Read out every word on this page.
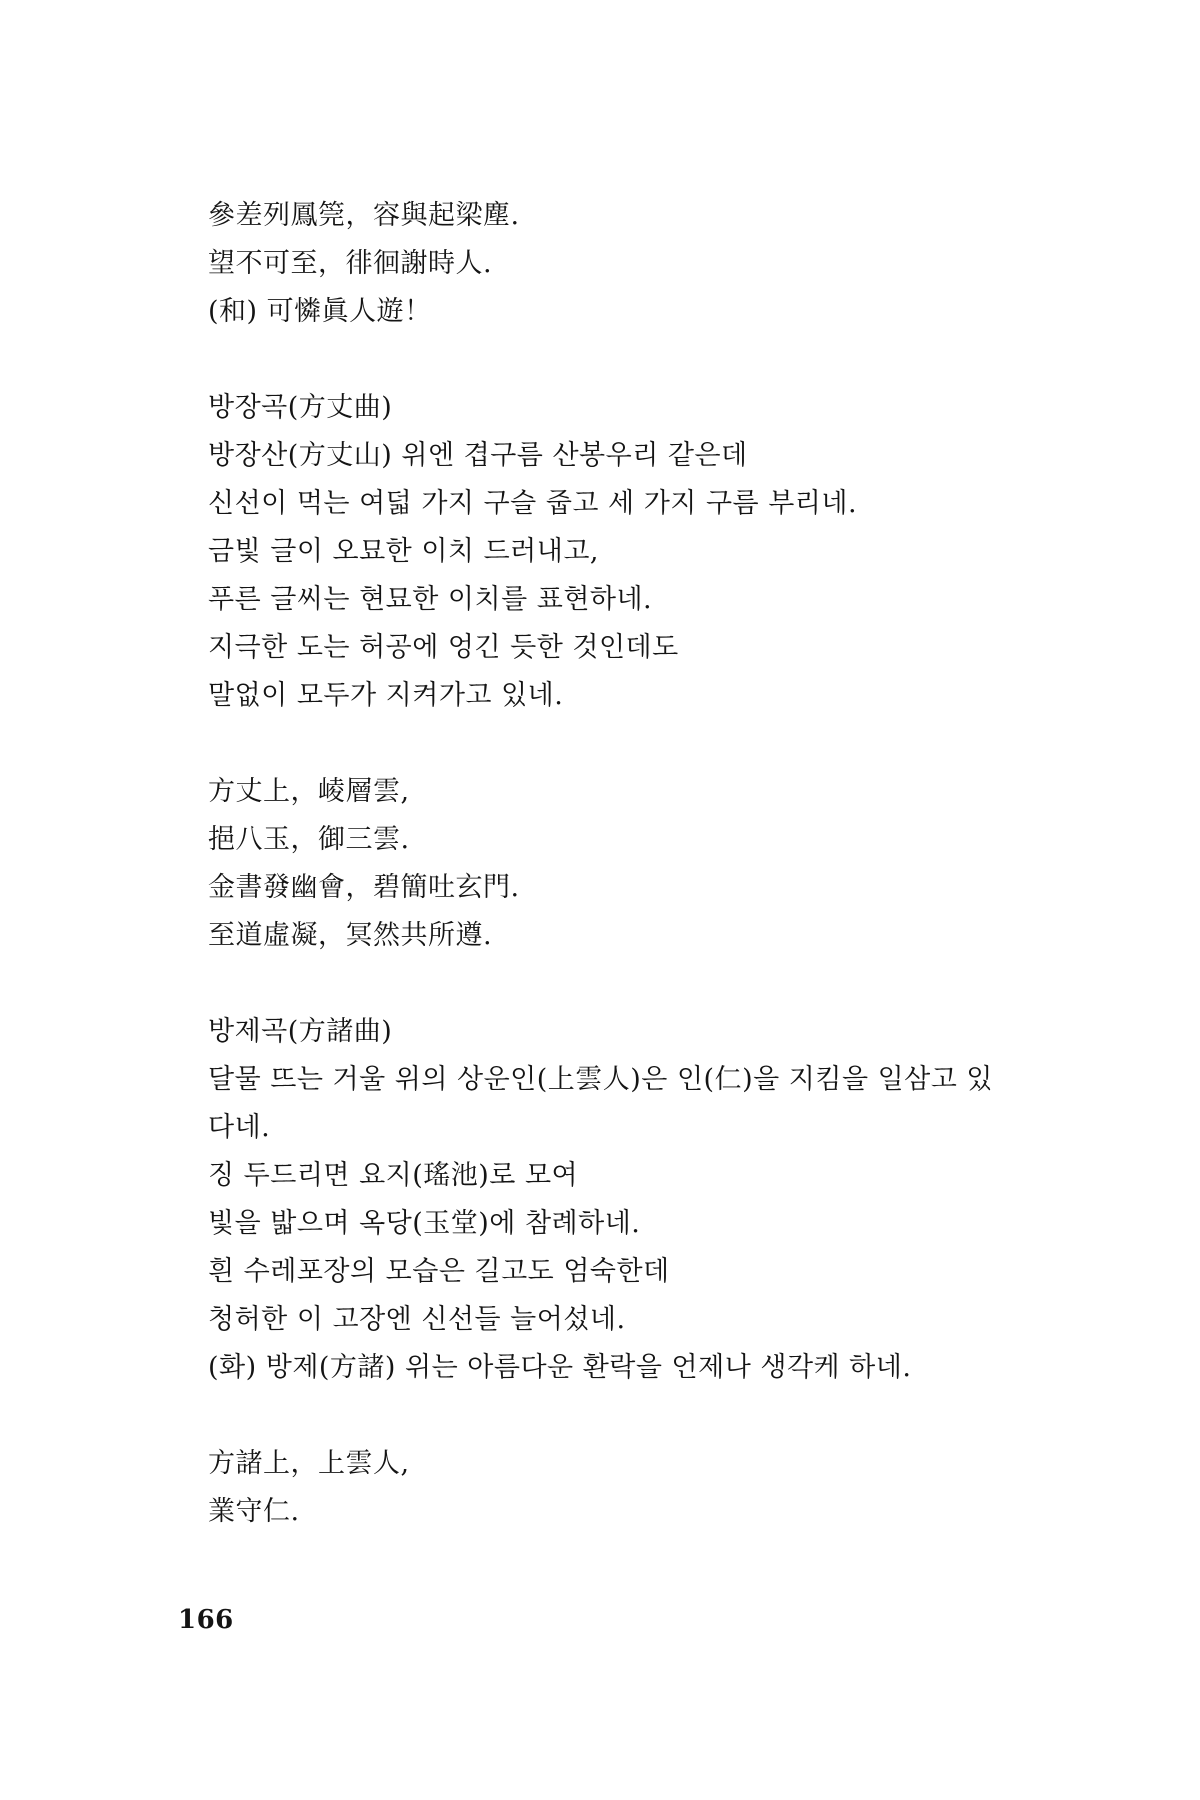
參差列鳳筦，容與起梁塵.
望不可至，徘徊謝時人.
(和) 可憐眞人遊！
방장곡(方丈曲)
방장산(方丈山) 위엔 겹구름 산봉우리 같은데
신선이 먹는 여덟 가지 구슬 줍고 세 가지 구름 부리네.
금빛 글이 오묘한 이치 드러내고,
푸른 글씨는 현묘한 이치를 표현하네.
지극한 도는 허공에 엉긴 듯한 것인데도
말없이 모두가 지켜가고 있네.
方丈上，崚層雲,
挹八玉，御三雲.
金書發幽會，碧簡吐玄門.
至道虛凝，冥然共所遵.
방제곡(方諸曲)
달물 뜨는 거울 위의 상운인(上雲人)은 인(仁)을 지킴을 일삼고 있
다네.
징 두드리면 요지(瑤池)로 모여
빛을 밟으며 옥당(玉堂)에 참례하네.
흰 수레포장의 모습은 길고도 엄숙한데
청허한 이 고장엔 신선들 늘어섰네.
(화) 방제(方諸) 위는 아름다운 환락을 언제나 생각케 하네.
方諸上，上雲人,
業守仁.
166
